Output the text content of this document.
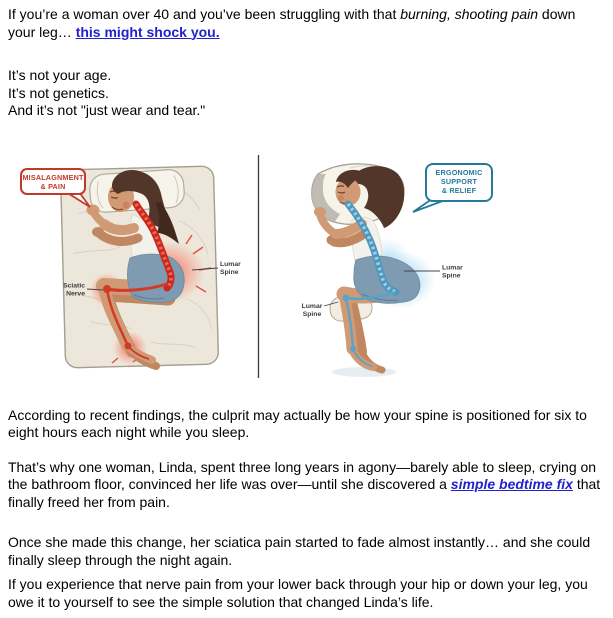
If you’re a woman over 40 and you’ve been struggling with that burning, shooting pain down your leg… this might shock you.

It’s not your age.
It’s not genetics.
And it’s not "just wear and tear."

MISALAGNMENT
& PAIN
Sciatic
Nerve
Lumar
Spine
ERGONOMIC
SUPPORT
& RELIEF
Lumar
Spine
Lumar
Spine

According to recent findings, the culprit may actually be how your spine is positioned for six to eight hours each night while you sleep.

That’s why one woman, Linda, spent three long years in agony—barely able to sleep, crying on the bathroom floor, convinced her life was over—until she discovered a simple bedtime fix that finally freed her from pain.

Once she made this change, her sciatica pain started to fade almost instantly… and she could finally sleep through the night again.

If you experience that nerve pain from your lower back through your hip or down your leg, you owe it to yourself to see the simple solution that changed Linda’s life.
